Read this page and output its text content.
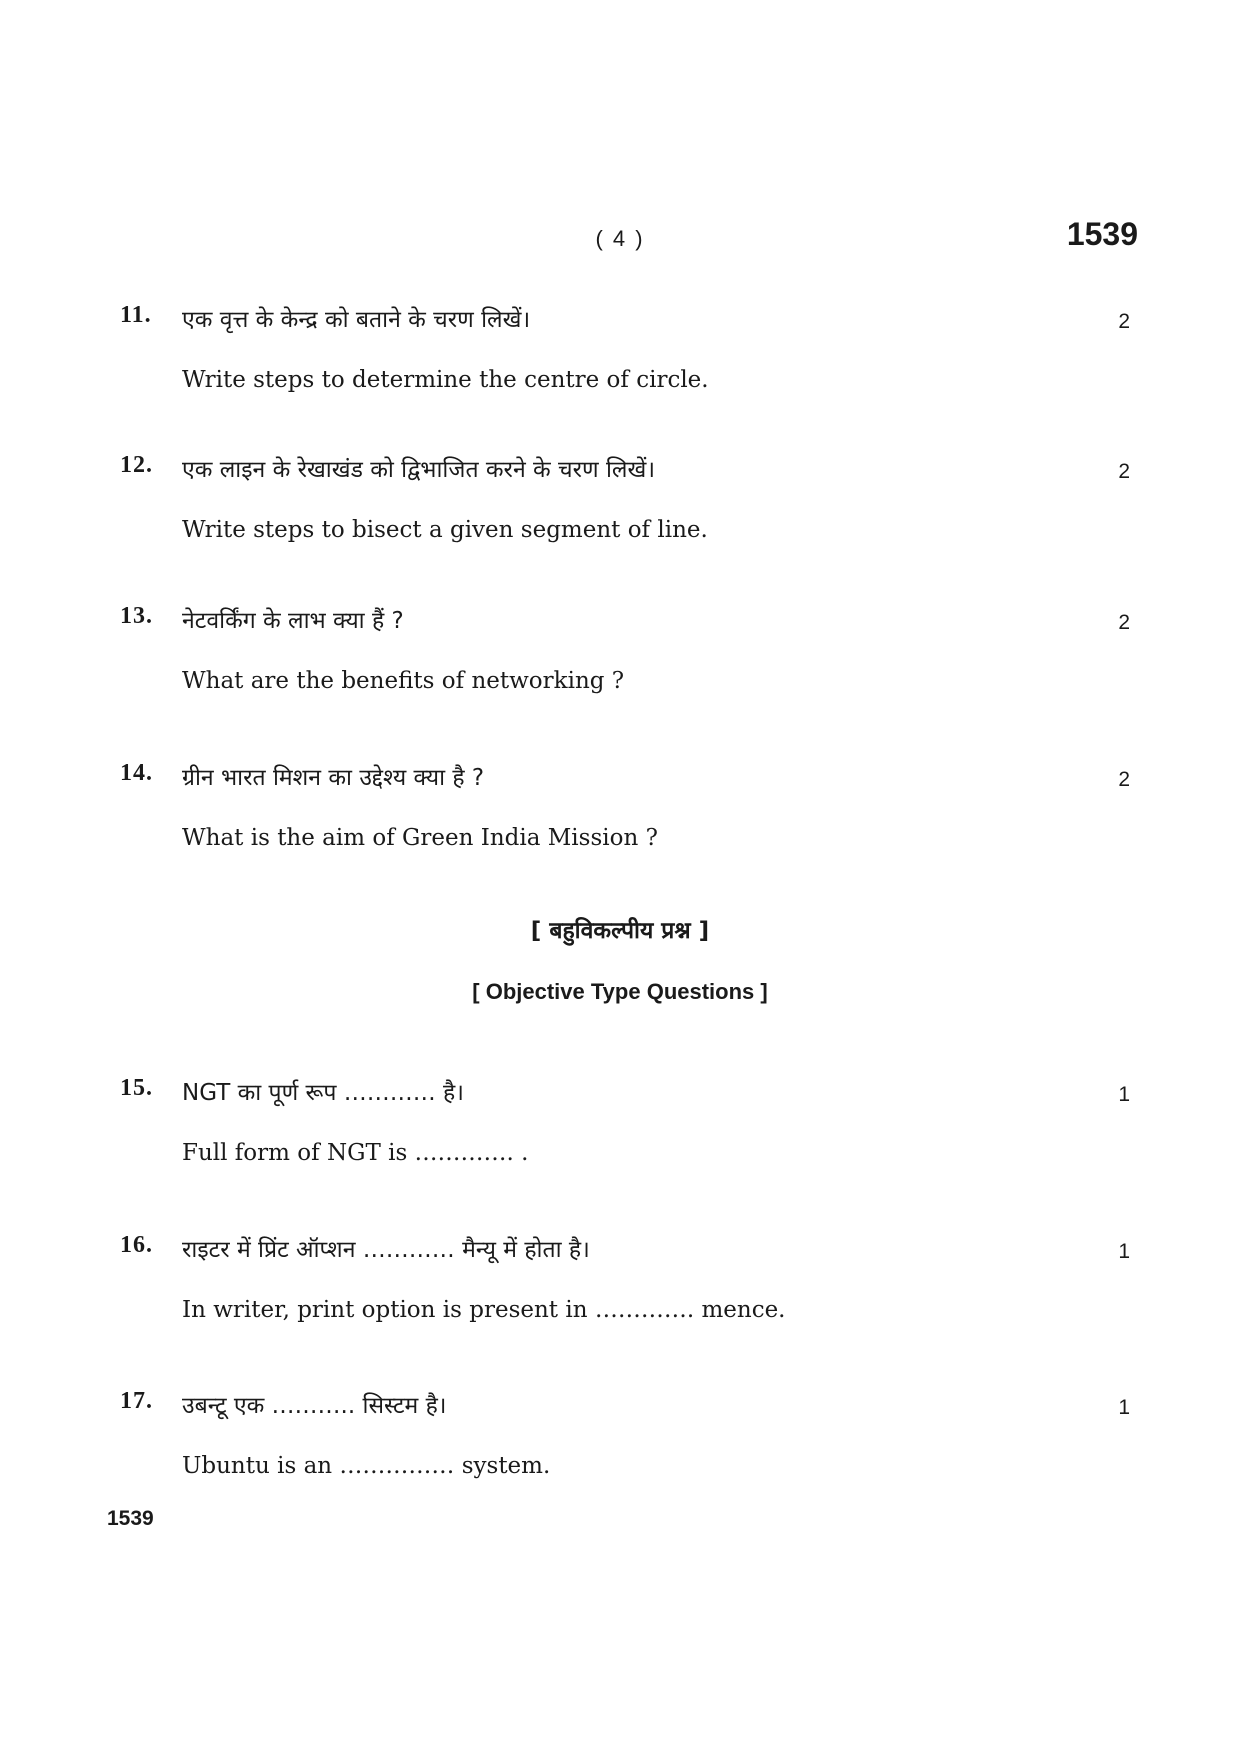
( 4 )	1539
11. एक वृत्त के केन्द्र को बताने के चरण लिखें।	2
Write steps to determine the centre of circle.
12. एक लाइन के रेखाखंड को द्विभाजित करने के चरण लिखें।	2
Write steps to bisect a given segment of line.
13. नेटवर्किंग के लाभ क्या हैं ?	2
What are the benefits of networking ?
14. ग्रीन भारत मिशन का उद्देश्य क्या है ?	2
What is the aim of Green India Mission ?
[ बहुविकल्पीय प्रश्न ]
[ Objective Type Questions ]
15. NGT का पूर्ण रूप ………… है।	1
Full form of NGT is …………. .
16. राइटर में प्रिंट ऑप्शन ………… मैन्यू में होता है।	1
In writer, print option is present in …………. mence.
17. उबन्टू एक ……….. सिस्टम है।	1
Ubuntu is an …………… system.
1539
